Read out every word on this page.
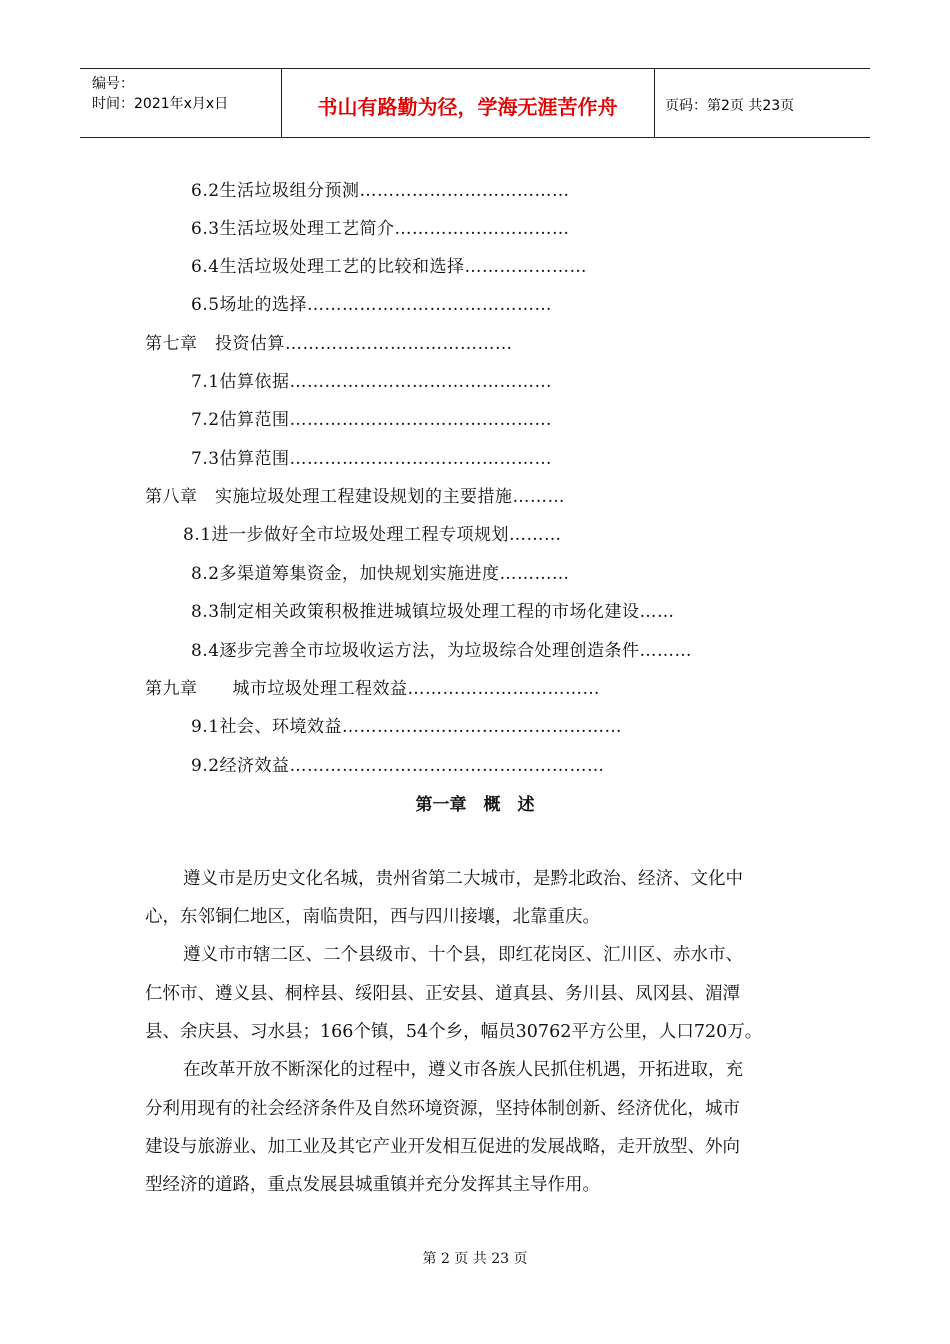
编号：
时间：2021年x月x日	书山有路勤为径，学海无涯苦作舟	页码：第2页 共23页
6.2生活垃圾组分预测………………………………
6.3生活垃圾处理工艺简介…………………………
6.4生活垃圾处理工艺的比较和选择…………………
6.5场址的选择……………………………………
第七章　投资估算…………………………………
7.1估算依据………………………………………
7.2估算范围………………………………………
7.3估算范围………………………………………
第八章　实施垃圾处理工程建设规划的主要措施………
8.1进一步做好全市垃圾处理工程专项规划………
8.2多渠道筹集资金，加快规划实施进度…………
8.3制定相关政策积极推进城镇垃圾处理工程的市场化建设……
8.4逐步完善全市垃圾收运方法，为垃圾综合处理创造条件………
第九章　　城市垃圾处理工程效益……………………………
9.1社会、环境效益…………………………………………
9.2经济效益………………………………………………
第一章　概　述
遵义市是历史文化名城，贵州省第二大城市，是黔北政治、经济、文化中
心，东邻铜仁地区，南临贵阳，西与四川接壤，北靠重庆。
遵义市市辖二区、二个县级市、十个县，即红花岗区、汇川区、赤水市、
仁怀市、遵义县、桐梓县、绥阳县、正安县、道真县、务川县、凤冈县、湄潭
县、余庆县、习水县；166个镇，54个乡，幅员30762平方公里，人口720万。
在改革开放不断深化的过程中，遵义市各族人民抓住机遇，开拓进取，充
分利用现有的社会经济条件及自然环境资源，坚持体制创新、经济优化，城市
建设与旅游业、加工业及其它产业开发相互促进的发展战略，走开放型、外向
型经济的道路，重点发展县城重镇并充分发挥其主导作用。
第 2 页 共 23 页
